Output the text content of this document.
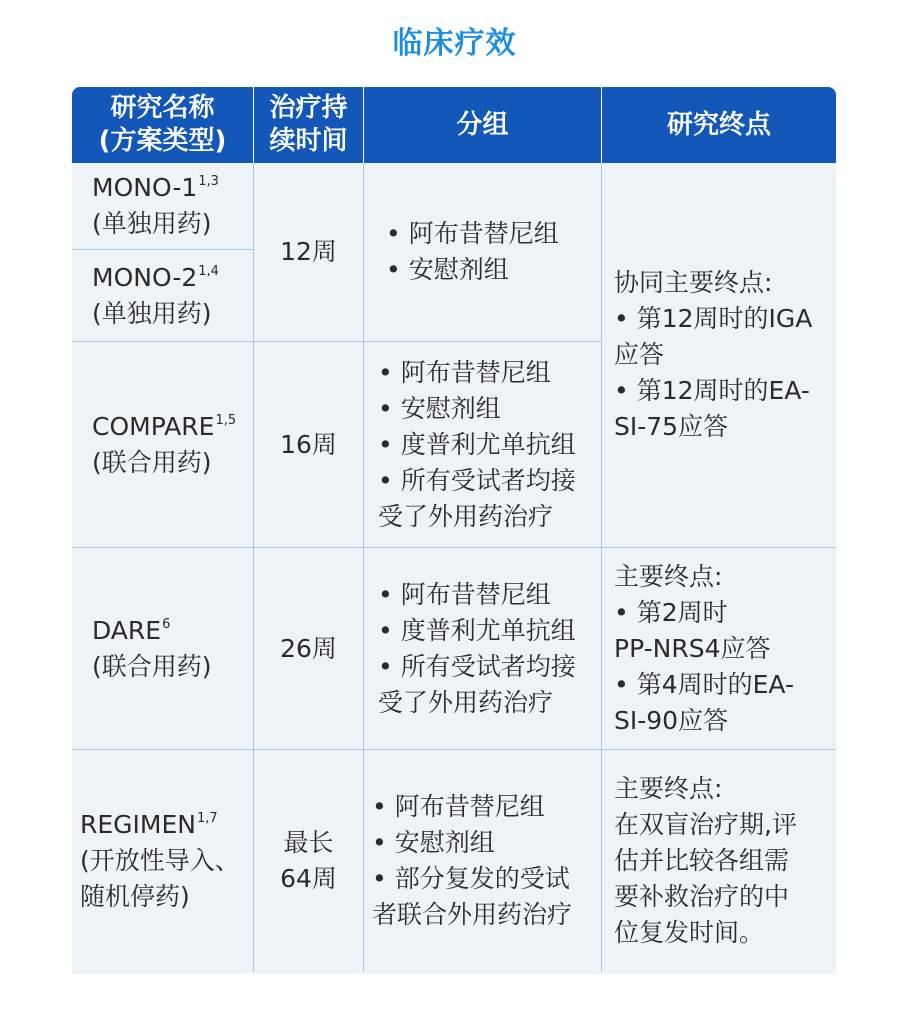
临床疗效
研究名称
(方案类型)
治疗持
续时间
分组	研究终点
MONO-1$^{1,3}$
(单独用药)
MONO-2$^{1,4}$
(单独用药)
12周
• 阿布昔替尼组
• 安慰剂组	协同主要终点:
• 第12周时的IGA
应答
• 第12周时的EA-
SI-75应答
COMPARE$^{1,5}$
(联合用药)
16周
• 阿布昔替尼组
• 安慰剂组
• 度普利尤单抗组
• 所有受试者均接
受了外用药治疗
DARE$^6$
(联合用药)
26周
• 阿布昔替尼组
• 度普利尤单抗组
• 所有受试者均接
受了外用药治疗
主要终点:
• 第2周时
PP-NRS4应答
• 第4周时的EA-
SI-90应答
REGIMEN$^{1,7}$
(开放性导入、
随机停药)
最长
64周
• 阿布昔替尼组
• 安慰剂组
• 部分复发的受试
者联合外用药治疗
主要终点:
在双盲治疗期,评
估并比较各组需
要补救治疗的中
位复发时间。
